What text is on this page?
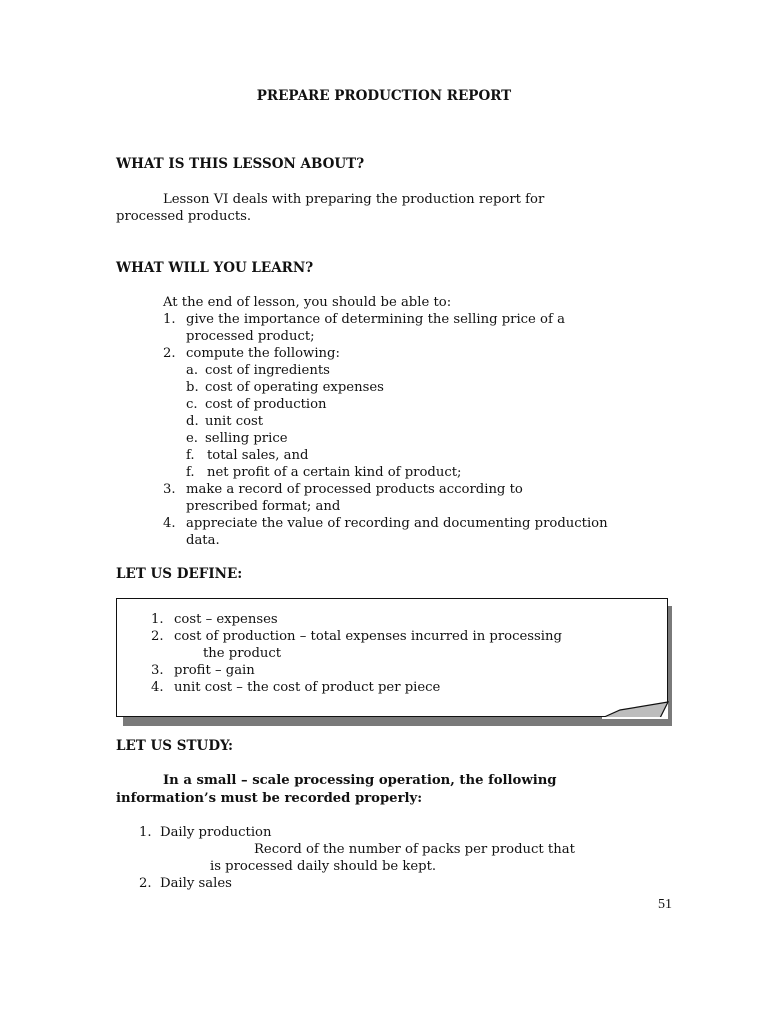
PREPARE PRODUCTION REPORT
WHAT IS THIS LESSON ABOUT?
Lesson VI deals with preparing the production report for
processed products.
WHAT WILL YOU LEARN?
At the end of lesson, you should be able to:
1. give the importance of determining the selling price of a
processed product;
2. compute the following:
a. cost of ingredients
b. cost of operating expenses
c. cost of production
d. unit cost
e. selling price
f. total sales, and
f. net profit of a certain kind of product;
3. make a record of processed products according to
prescribed format; and
4. appreciate the value of recording and documenting production
data.
LET US DEFINE:
1. cost – expenses
2. cost of production – total expenses incurred in processing
the product
3. profit – gain
4. unit cost – the cost of product per piece
LET US STUDY:
In a small – scale processing operation, the following
information’s must be recorded properly:
1. Daily production
Record of the number of packs per product that
is processed daily should be kept.
2. Daily sales
51
